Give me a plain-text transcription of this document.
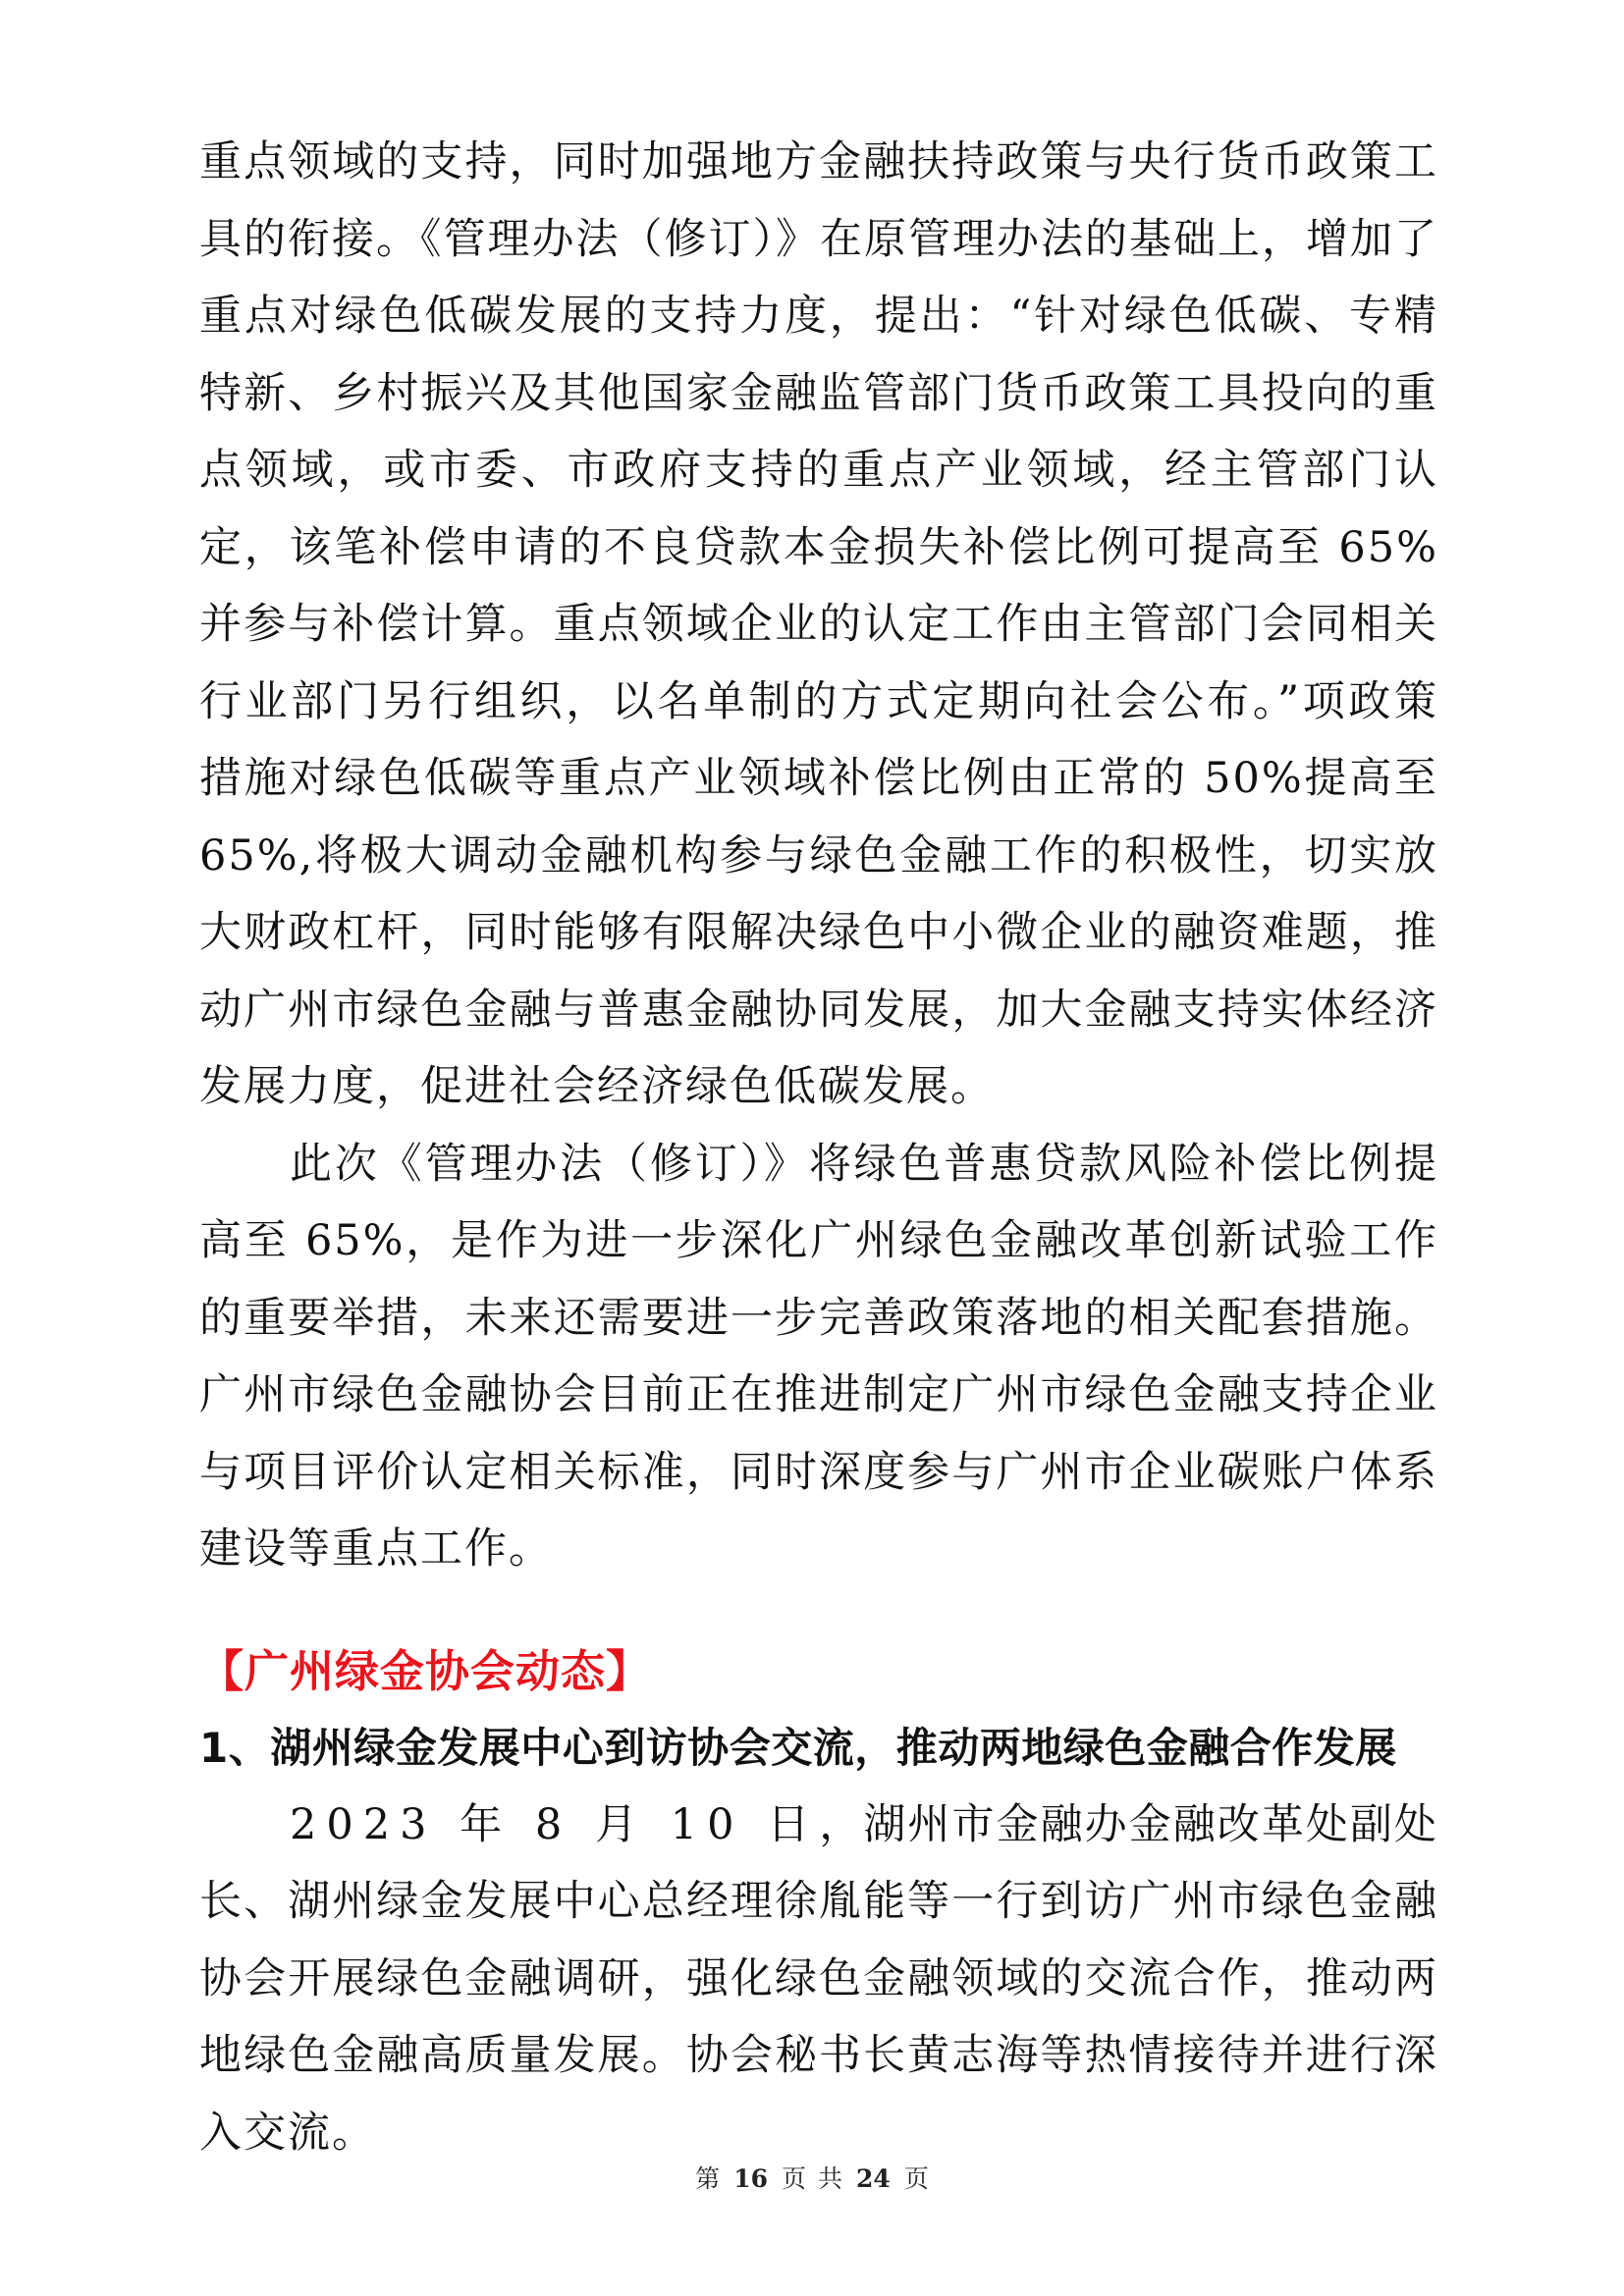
重点领域的支持，同时加强地方金融扶持政策与央行货币政策工具的衔接。《管理办法（修订）》在原管理办法的基础上，增加了重点对绿色低碳发展的支持力度，提出：“针对绿色低碳、专精特新、乡村振兴及其他国家金融监管部门货币政策工具投向的重点领域，或市委、市政府支持的重点产业领域，经主管部门认定，该笔补偿申请的不良贷款本金损失补偿比例可提高至 65%并参与补偿计算。重点领域企业的认定工作由主管部门会同相关行业部门另行组织，以名单制的方式定期向社会公布。”项政策措施对绿色低碳等重点产业领域补偿比例由正常的 50%提高至 65%,将极大调动金融机构参与绿色金融工作的积极性，切实放大财政杠杆，同时能够有限解决绿色中小微企业的融资难题，推动广州市绿色金融与普惠金融协同发展，加大金融支持实体经济发展力度，促进社会经济绿色低碳发展。

此次《管理办法（修订）》将绿色普惠贷款风险补偿比例提高至 65%，是作为进一步深化广州绿色金融改革创新试验工作的重要举措，未来还需要进一步完善政策落地的相关配套措施。广州市绿色金融协会目前正在推进制定广州市绿色金融支持企业与项目评价认定相关标准，同时深度参与广州市企业碳账户体系建设等重点工作。

【广州绿金协会动态】
1、湖州绿金发展中心到访协会交流，推动两地绿色金融合作发展

2023 年 8 月 10 日，湖州市金融办金融改革处副处长、湖州绿金发展中心总经理徐胤能等一行到访广州市绿色金融协会开展绿色金融调研，强化绿色金融领域的交流合作，推动两地绿色金融高质量发展。协会秘书长黄志海等热情接待并进行深入交流。

第 16 页 共 24 页
